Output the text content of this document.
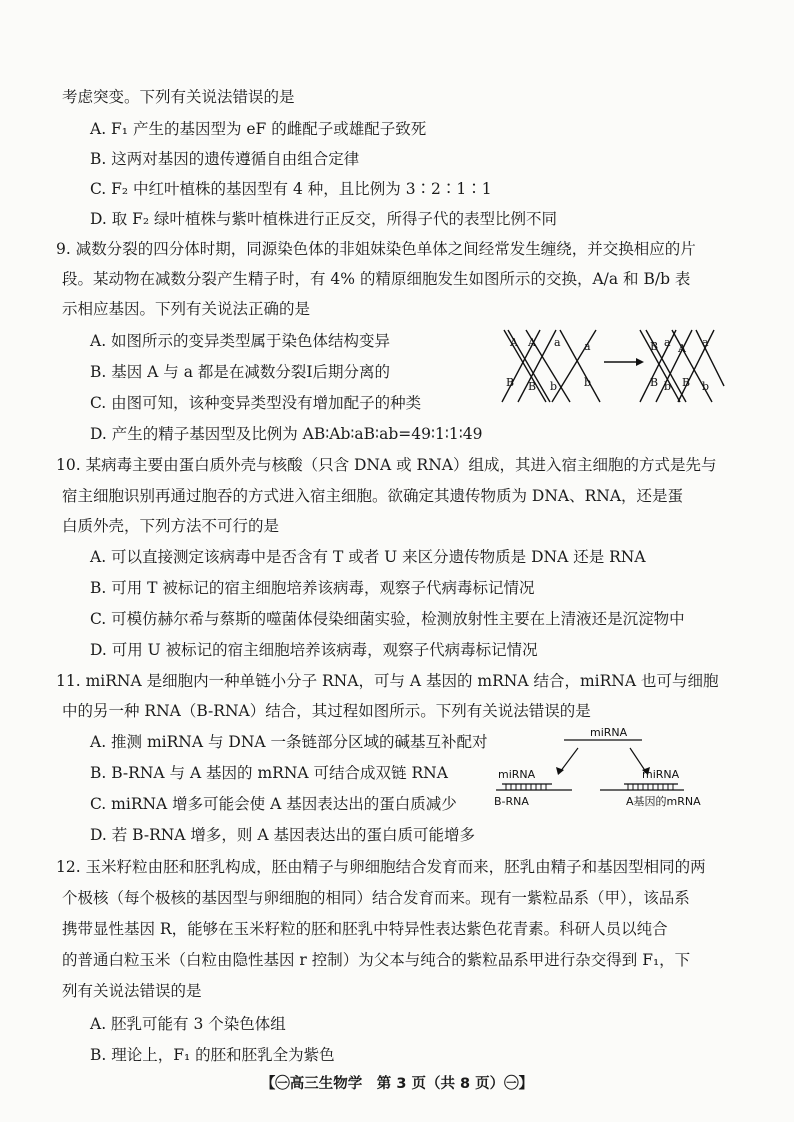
考虑突变。下列有关说法错误的是
A. F₁ 产生的基因型为 eF 的雌配子或雄配子致死
B. 这两对基因的遗传遵循自由组合定律
C. F₂ 中红叶植株的基因型有 4 种，且比例为 3∶2∶1∶1
D. 取 F₂ 绿叶植株与紫叶植株进行正反交，所得子代的表型比例不同
9. 减数分裂的四分体时期，同源染色体的非姐妹染色单体之间经常发生缠绕，并交换相应的片
段。某动物在减数分裂产生精子时，有 4% 的精原细胞发生如图所示的交换，A/a 和 B/b 表
示相应基因。下列有关说法正确的是
A. 如图所示的变异类型属于染色体结构变异
B. 基因 A 与 a 都是在减数分裂Ⅰ后期分离的
C. 由图可知，该种变异类型没有增加配子的种类
D. 产生的精子基因型及比例为 AB∶Ab∶aB∶ab=49∶1∶1∶49
A A a a
B B b b
B a A a
B b B b
10. 某病毒主要由蛋白质外壳与核酸（只含 DNA 或 RNA）组成，其进入宿主细胞的方式是先与
宿主细胞识别再通过胞吞的方式进入宿主细胞。欲确定其遗传物质为 DNA、RNA，还是蛋
白质外壳，下列方法不可行的是
A. 可以直接测定该病毒中是否含有 T 或者 U 来区分遗传物质是 DNA 还是 RNA
B. 可用 T 被标记的宿主细胞培养该病毒，观察子代病毒标记情况
C. 可模仿赫尔希与蔡斯的噬菌体侵染细菌实验，检测放射性主要在上清液还是沉淀物中
D. 可用 U 被标记的宿主细胞培养该病毒，观察子代病毒标记情况
11. miRNA 是细胞内一种单链小分子 RNA，可与 A 基因的 mRNA 结合，miRNA 也可与细胞
中的另一种 RNA（B-RNA）结合，其过程如图所示。下列有关说法错误的是
A. 推测 miRNA 与 DNA 一条链部分区域的碱基互补配对
B. B-RNA 与 A 基因的 mRNA 可结合成双链 RNA
C. miRNA 增多可能会使 A 基因表达出的蛋白质减少
D. 若 B-RNA 增多，则 A 基因表达出的蛋白质可能增多
miRNA
miRNA
B-RNA
miRNA
A基因的mRNA
12. 玉米籽粒由胚和胚乳构成，胚由精子与卵细胞结合发育而来，胚乳由精子和基因型相同的两
个极核（每个极核的基因型与卵细胞的相同）结合发育而来。现有一紫粒品系（甲），该品系
携带显性基因 R，能够在玉米籽粒的胚和胚乳中特异性表达紫色花青素。科研人员以纯合
的普通白粒玉米（白粒由隐性基因 r 控制）为父本与纯合的紫粒品系甲进行杂交得到 F₁，下
列有关说法错误的是
A. 胚乳可能有 3 个染色体组
B. 理论上，F₁ 的胚和胚乳全为紫色
【㊀高三生物学　第 3 页（共 8 页）㊀】
